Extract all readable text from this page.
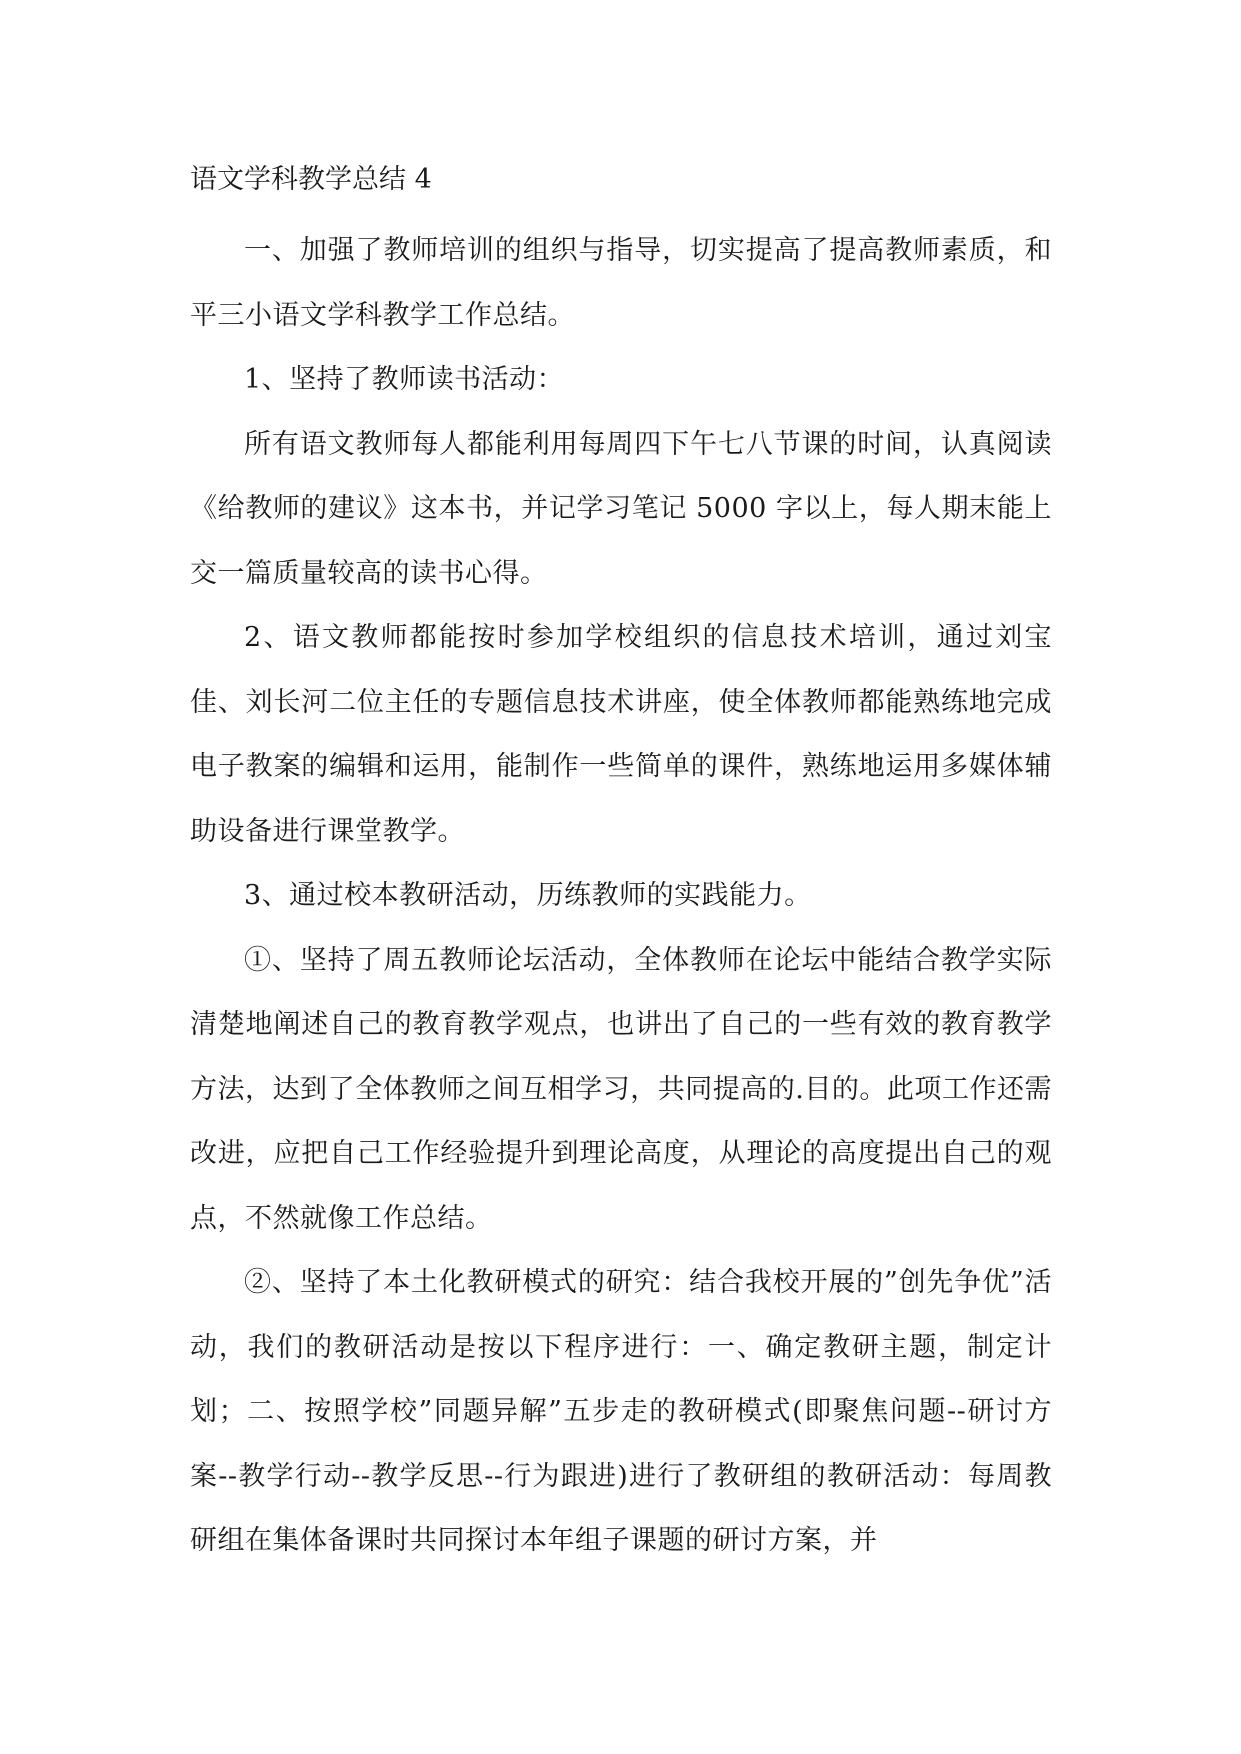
语文学科教学总结 4

一、加强了教师培训的组织与指导，切实提高了提高教师素质，和平三小语文学科教学工作总结。

1、坚持了教师读书活动：

所有语文教师每人都能利用每周四下午七八节课的时间，认真阅读《给教师的建议》这本书，并记学习笔记 5000 字以上，每人期末能上交一篇质量较高的读书心得。

2、语文教师都能按时参加学校组织的信息技术培训，通过刘宝佳、刘长河二位主任的专题信息技术讲座，使全体教师都能熟练地完成电子教案的编辑和运用，能制作一些简单的课件，熟练地运用多媒体辅助设备进行课堂教学。

3、通过校本教研活动，历练教师的实践能力。

①、坚持了周五教师论坛活动，全体教师在论坛中能结合教学实际清楚地阐述自己的教育教学观点，也讲出了自己的一些有效的教育教学方法，达到了全体教师之间互相学习，共同提高的.目的。此项工作还需改进，应把自己工作经验提升到理论高度，从理论的高度提出自己的观点，不然就像工作总结。

②、坚持了本土化教研模式的研究：结合我校开展的”创先争优”活动，我们的教研活动是按以下程序进行：一、确定教研主题，制定计划；二、按照学校”同题异解”五步走的教研模式(即聚焦问题--研讨方案--教学行动--教学反思--行为跟进)进行了教研组的教研活动：每周教研组在集体备课时共同探讨本年组子课题的研讨方案，并
